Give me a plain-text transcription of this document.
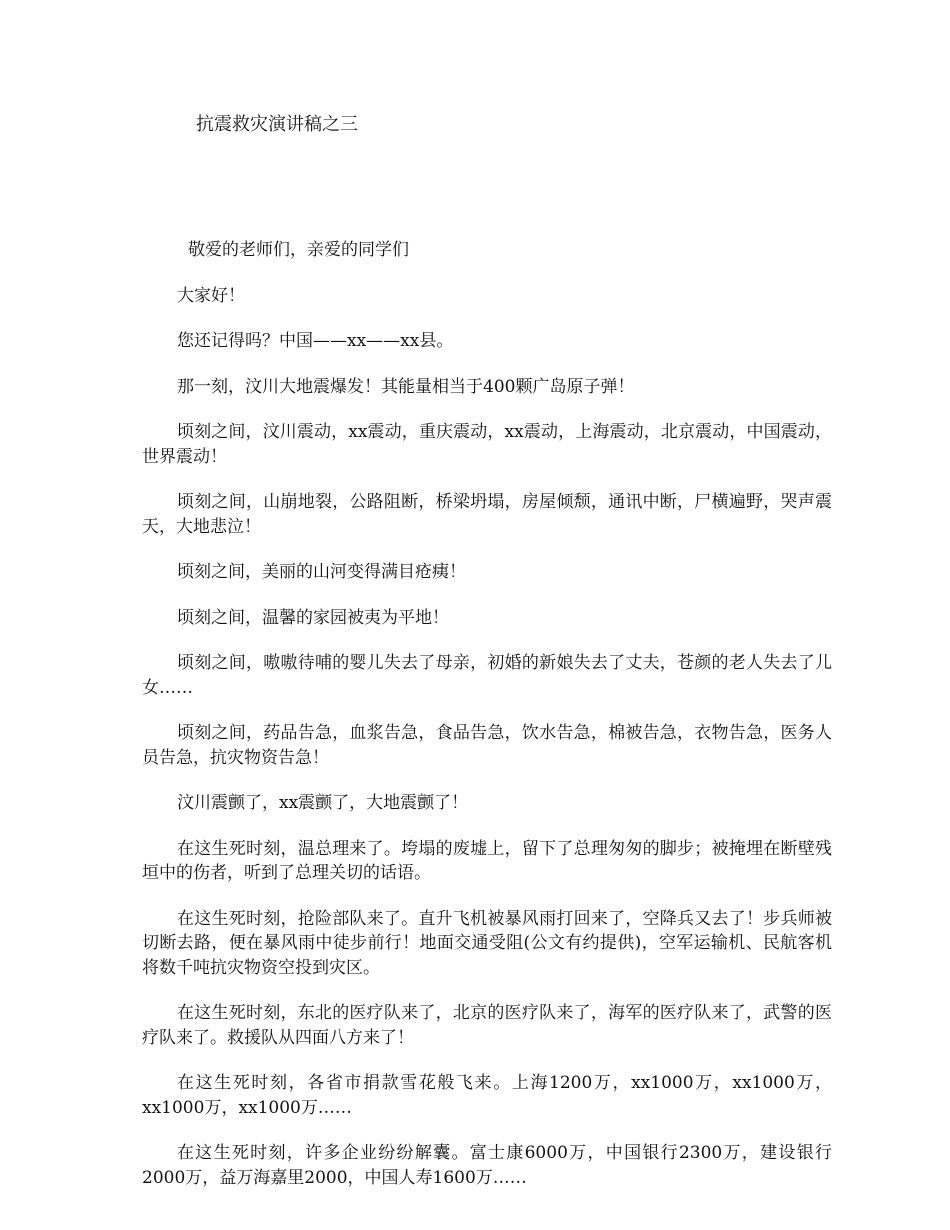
抗震救灾演讲稿之三

敬爱的老师们，亲爱的同学们

大家好！

您还记得吗？中国——xx——xx县。

那一刻，汶川大地震爆发！其能量相当于400颗广岛原子弹！

顷刻之间，汶川震动，xx震动，重庆震动，xx震动，上海震动，北京震动，中国震动，世界震动！

顷刻之间，山崩地裂，公路阻断，桥梁坍塌，房屋倾颓，通讯中断，尸横遍野，哭声震天，大地悲泣！

顷刻之间，美丽的山河变得满目疮痍！

顷刻之间，温馨的家园被夷为平地！

顷刻之间，嗷嗷待哺的婴儿失去了母亲，初婚的新娘失去了丈夫，苍颜的老人失去了儿女……

顷刻之间，药品告急，血浆告急，食品告急，饮水告急，棉被告急，衣物告急，医务人员告急，抗灾物资告急！

汶川震颤了，xx震颤了，大地震颤了！

在这生死时刻，温总理来了。垮塌的废墟上，留下了总理匆匆的脚步；被掩埋在断壁残垣中的伤者，听到了总理关切的话语。

在这生死时刻，抢险部队来了。直升飞机被暴风雨打回来了，空降兵又去了！步兵师被切断去路，便在暴风雨中徒步前行！地面交通受阻(公文有约提供)，空军运输机、民航客机将数千吨抗灾物资空投到灾区。

在这生死时刻，东北的医疗队来了，北京的医疗队来了，海军的医疗队来了，武警的医疗队来了。救援队从四面八方来了！

在这生死时刻，各省市捐款雪花般飞来。上海1200万，xx1000万，xx1000万，xx1000万，xx1000万……

在这生死时刻，许多企业纷纷解囊。富士康6000万，中国银行2300万，建设银行2000万，益万海嘉里2000，中国人寿1600万……
